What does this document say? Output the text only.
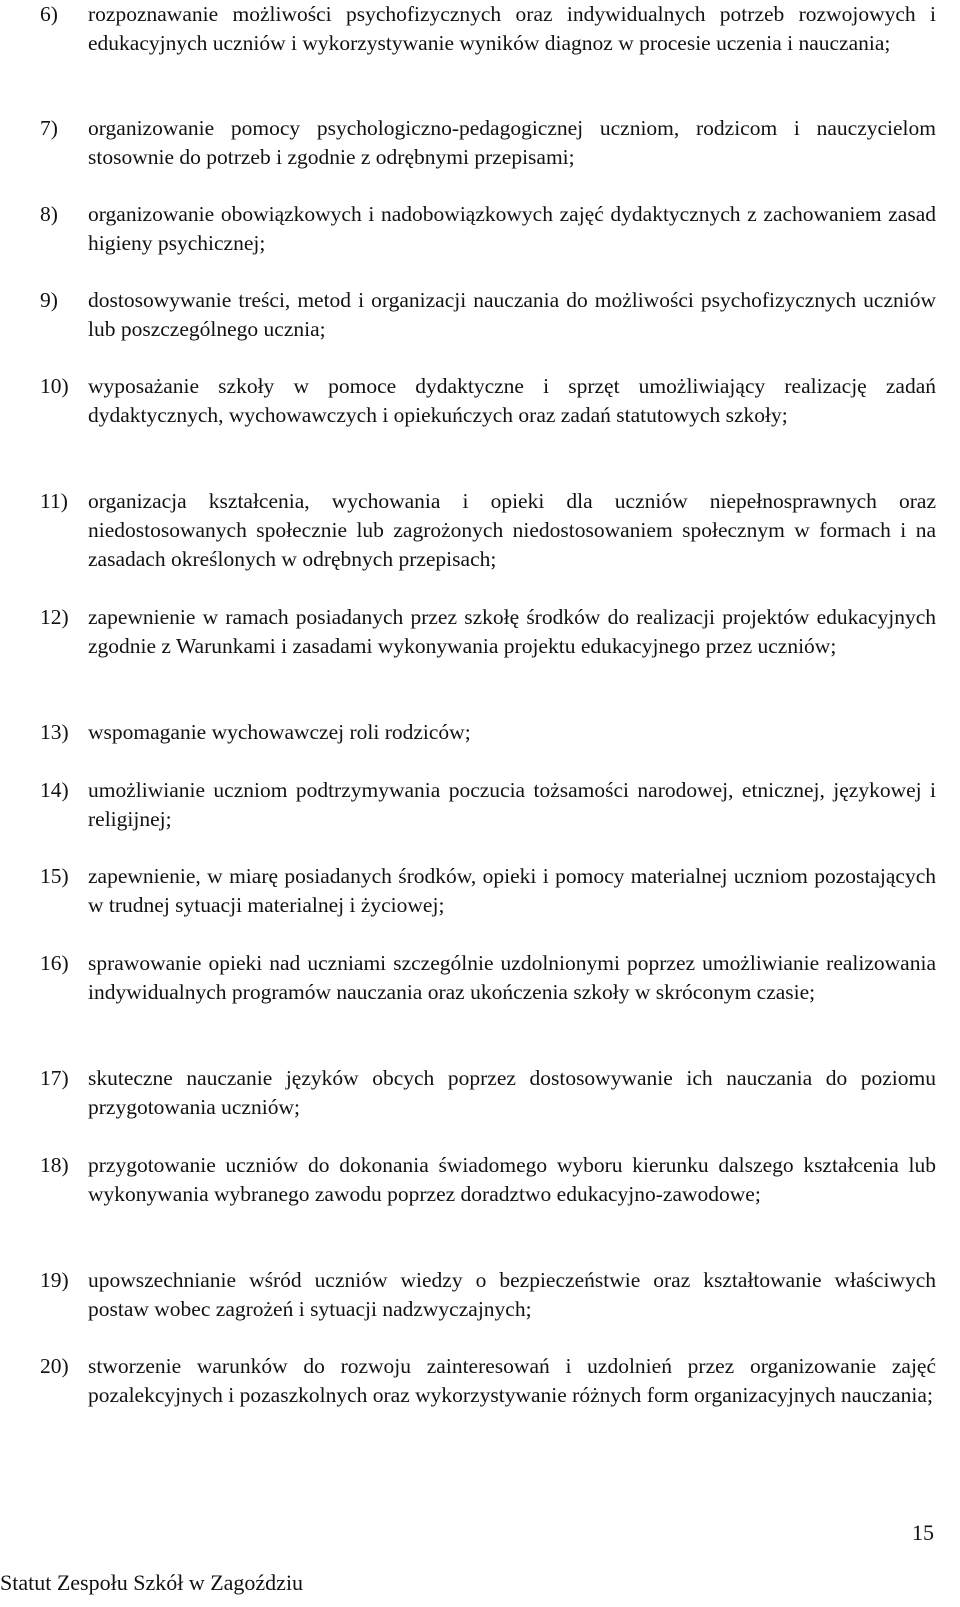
6)	rozpoznawanie możliwości psychofizycznych oraz indywidualnych potrzeb rozwojowych i edukacyjnych uczniów i wykorzystywanie wyników diagnoz w procesie uczenia i nauczania;
7)	organizowanie pomocy psychologiczno-pedagogicznej uczniom, rodzicom i nauczycielom stosownie do potrzeb i zgodnie z odrębnymi przepisami;
8)	organizowanie obowiązkowych i nadobowiązkowych zajęć dydaktycznych z zachowaniem zasad higieny psychicznej;
9)	dostosowywanie treści, metod i organizacji nauczania do możliwości psychofizycznych uczniów lub poszczególnego ucznia;
10) wyposażanie szkoły w pomoce dydaktyczne i sprzęt umożliwiający realizację zadań dydaktycznych, wychowawczych i opiekuńczych oraz zadań statutowych szkoły;
11) organizacja kształcenia, wychowania i opieki dla uczniów niepełnosprawnych oraz niedostosowanych społecznie lub zagrożonych niedostosowaniem społecznym w formach i na zasadach określonych w odrębnych przepisach;
12) zapewnienie w ramach posiadanych przez szkołę środków do realizacji projektów edukacyjnych zgodnie z Warunkami i zasadami wykonywania projektu edukacyjnego przez uczniów;
13) wspomaganie wychowawczej roli rodziców;
14) umożliwianie uczniom podtrzymywania poczucia tożsamości narodowej, etnicznej, językowej i religijnej;
15) zapewnienie, w miarę posiadanych środków, opieki i pomocy materialnej uczniom pozostających w trudnej sytuacji materialnej i życiowej;
16) sprawowanie opieki nad uczniami szczególnie uzdolnionymi poprzez umożliwianie realizowania indywidualnych programów nauczania oraz ukończenia szkoły w skróconym czasie;
17) skuteczne nauczanie języków obcych poprzez dostosowywanie ich nauczania do poziomu przygotowania uczniów;
18) przygotowanie uczniów do dokonania świadomego wyboru kierunku dalszego kształcenia lub wykonywania wybranego zawodu poprzez doradztwo edukacyjno-zawodowe;
19) upowszechnianie wśród uczniów wiedzy o bezpieczeństwie oraz kształtowanie właściwych postaw wobec zagrożeń i sytuacji nadzwyczajnych;
20) stworzenie warunków do rozwoju zainteresowań i uzdolnień przez organizowanie zajęć pozalekcyjnych i pozaszkolnych oraz wykorzystywanie różnych form organizacyjnych nauczania;
15
Statut Zespołu Szkół w Zagoździu
